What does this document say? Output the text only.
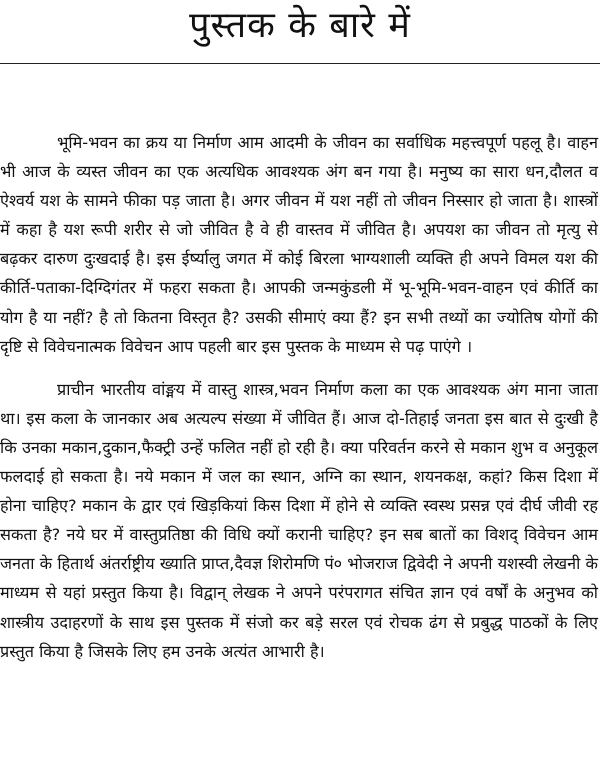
पुस्तक के बारे में

भूमि-भवन का क्रय या निर्माण आम आदमी के जीवन का सर्वाधिक महत्त्वपूर्ण पहलू है। वाहन भी आज के व्यस्त जीवन का एक अत्यधिक आवश्यक अंग बन गया है। मनुष्य का सारा धन,दौलत व ऐश्वर्य यश के सामने फीका पड़ जाता है। अगर जीवन में यश नहीं तो जीवन निस्सार हो जाता है। शास्त्रों में कहा है यश रूपी शरीर से जो जीवित है वे ही वास्तव में जीवित है। अपयश का जीवन तो मृत्यु से बढ़कर दारुण दुःखदाई है। इस ईर्ष्यालु जगत में कोई बिरला भाग्यशाली व्यक्ति ही अपने विमल यश की कीर्ति-पताका-दिग्दिगंतर में फहरा सकता है। आपकी जन्मकुंडली में भू-भूमि-भवन-वाहन एवं कीर्ति का योग है या नहीं? है तो कितना विस्तृत है? उसकी सीमाएं क्या हैं? इन सभी तथ्यों का ज्योतिष योगों की दृष्टि से विवेचनात्मक विवेचन आप पहली बार इस पुस्तक के माध्यम से पढ़ पाएंगे ।

प्राचीन भारतीय वांङ्मय में वास्तु शास्त्र,भवन निर्माण कला का एक आवश्यक अंग माना जाता था। इस कला के जानकार अब अत्यल्प संख्या में जीवित हैं। आज दो-तिहाई जनता इस बात से दुःखी है कि उनका मकान,दुकान,फैक्ट्री उन्हें फलित नहीं हो रही है। क्या परिवर्तन करने से मकान शुभ व अनुकूल फलदाई हो सकता है। नये मकान में जल का स्थान, अग्नि का स्थान, शयनकक्ष, कहां? किस दिशा में होना चाहिए? मकान के द्वार एवं खिड़कियां किस दिशा में होने से व्यक्ति स्वस्थ प्रसन्न एवं दीर्घ जीवी रह सकता है? नये घर में वास्तुप्रतिष्ठा की विधि क्यों करानी चाहिए? इन सब बातों का विशद् विवेचन आम जनता के हितार्थ अंतर्राष्ट्रीय ख्याति प्राप्त,दैवज्ञ शिरोमणि पं० भोजराज द्विवेदी ने अपनी यशस्वी लेखनी के माध्यम से यहां प्रस्तुत किया है। विद्वान् लेखक ने अपने परंपरागत संचित ज्ञान एवं वर्षों के अनुभव को शास्त्रीय उदाहरणों के साथ इस पुस्तक में संजो कर बड़े सरल एवं रोचक ढंग से प्रबुद्ध पाठकों के लिए प्रस्तुत किया है जिसके लिए हम उनके अत्यंत आभारी है।
